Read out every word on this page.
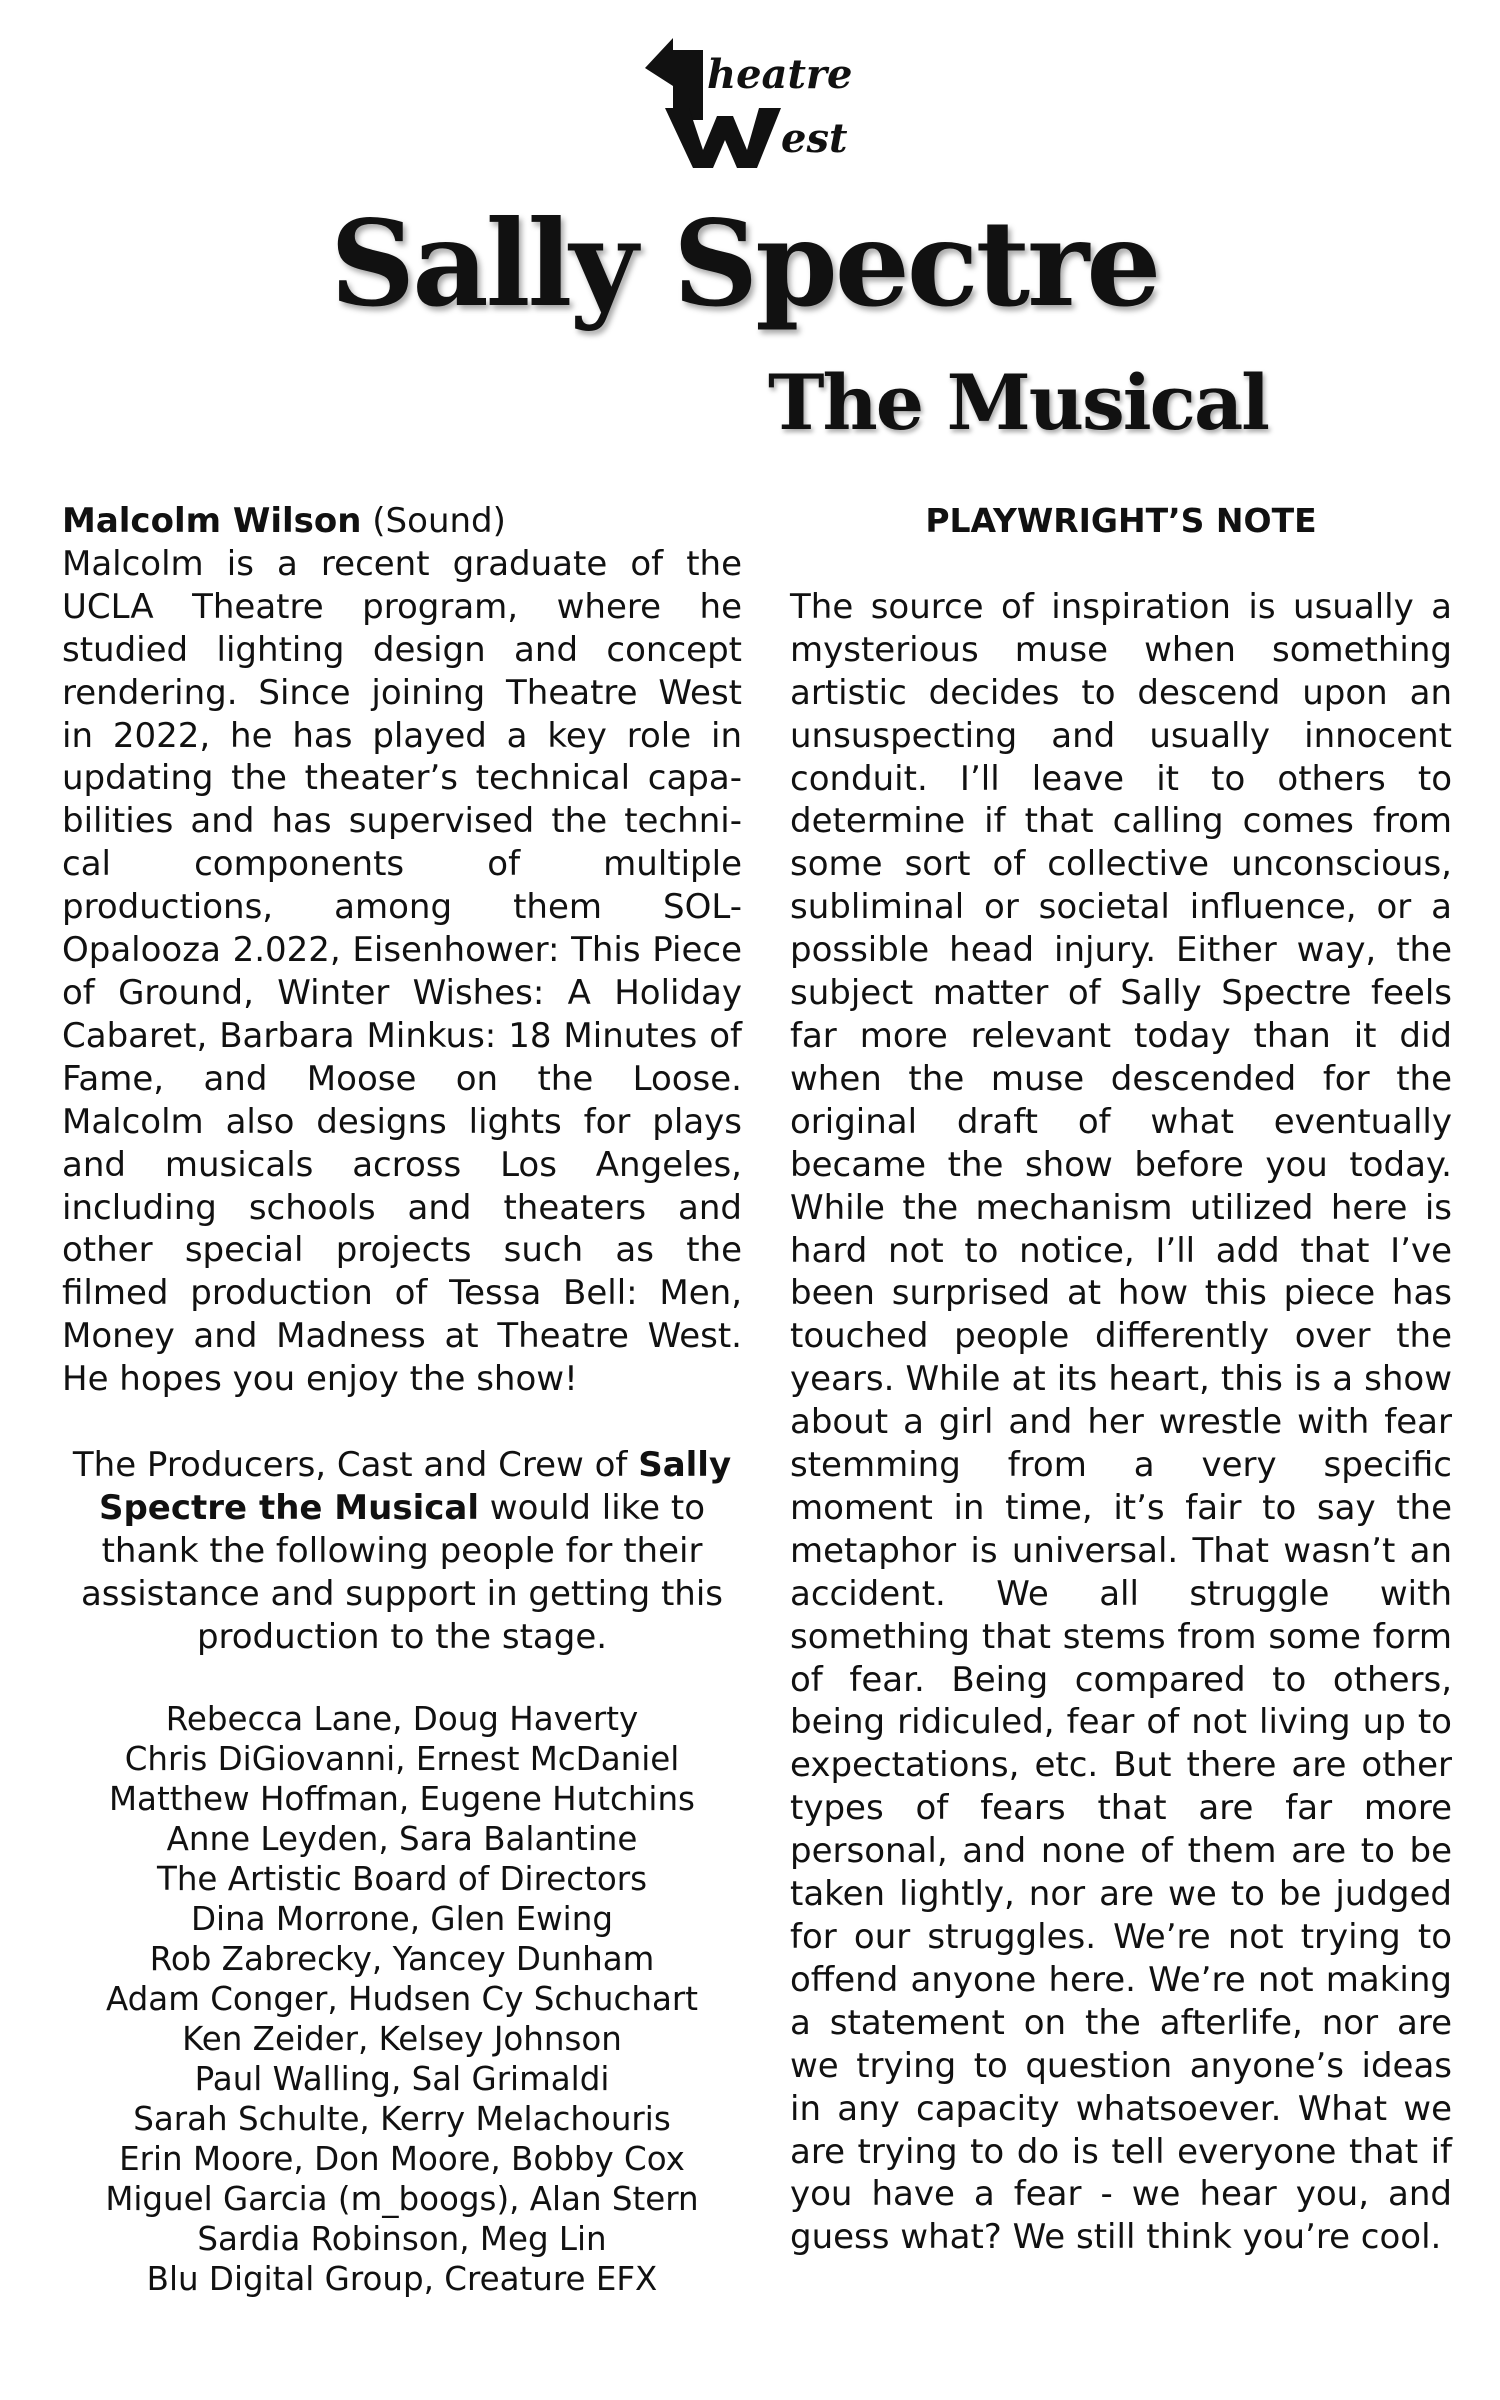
heatre
est
Sally Spectre
The Musical

Malcolm Wilson (Sound)
Malcolm is a recent graduate of the UCLA Theatre program, where he studied lighting design and concept rendering. Since joining Theatre West in 2022, he has played a key role in updating the theater’s technical capabilities and has supervised the technical components of multiple productions, among them SOL-Opalooza 2.022, Eisenhower: This Piece of Ground, Winter Wishes: A Holiday Cabaret, Barbara Minkus: 18 Minutes of Fame, and Moose on the Loose. Malcolm also designs lights for plays and musicals across Los Angeles, including schools and theaters and other special projects such as the filmed production of Tessa Bell: Men, Money and Madness at Theatre West. He hopes you enjoy the show!

The Producers, Cast and Crew of Sally Spectre the Musical would like to thank the following people for their assistance and support in getting this production to the stage.

Rebecca Lane, Doug Haverty
Chris DiGiovanni, Ernest McDaniel
Matthew Hoffman, Eugene Hutchins
Anne Leyden, Sara Balantine
The Artistic Board of Directors
Dina Morrone, Glen Ewing
Rob Zabrecky, Yancey Dunham
Adam Conger, Hudsen Cy Schuchart
Ken Zeider, Kelsey Johnson
Paul Walling, Sal Grimaldi
Sarah Schulte, Kerry Melachouris
Erin Moore, Don Moore, Bobby Cox
Miguel Garcia (m_boogs), Alan Stern
Sardia Robinson, Meg Lin
Blu Digital Group, Creature EFX
PLAYWRIGHT’S NOTE

The source of inspiration is usually a mysterious muse when something artistic decides to descend upon an unsuspecting and usually innocent conduit. I’ll leave it to others to determine if that calling comes from some sort of collective unconscious, subliminal or societal influence, or a possible head injury. Either way, the subject matter of Sally Spectre feels far more relevant today than it did when the muse descended for the original draft of what eventually became the show before you today. While the mechanism utilized here is hard not to notice, I’ll add that I’ve been surprised at how this piece has touched people differently over the years. While at its heart, this is a show about a girl and her wrestle with fear stemming from a very specific moment in time, it’s fair to say the metaphor is universal. That wasn’t an accident. We all struggle with something that stems from some form of fear. Being compared to others, being ridiculed, fear of not living up to expectations, etc. But there are other types of fears that are far more personal, and none of them are to be taken lightly, nor are we to be judged for our struggles. We’re not trying to offend anyone here. We’re not making a statement on the afterlife, nor are we trying to question anyone’s ideas in any capacity whatsoever. What we are trying to do is tell everyone that if you have a fear - we hear you, and guess what? We still think you’re cool.
